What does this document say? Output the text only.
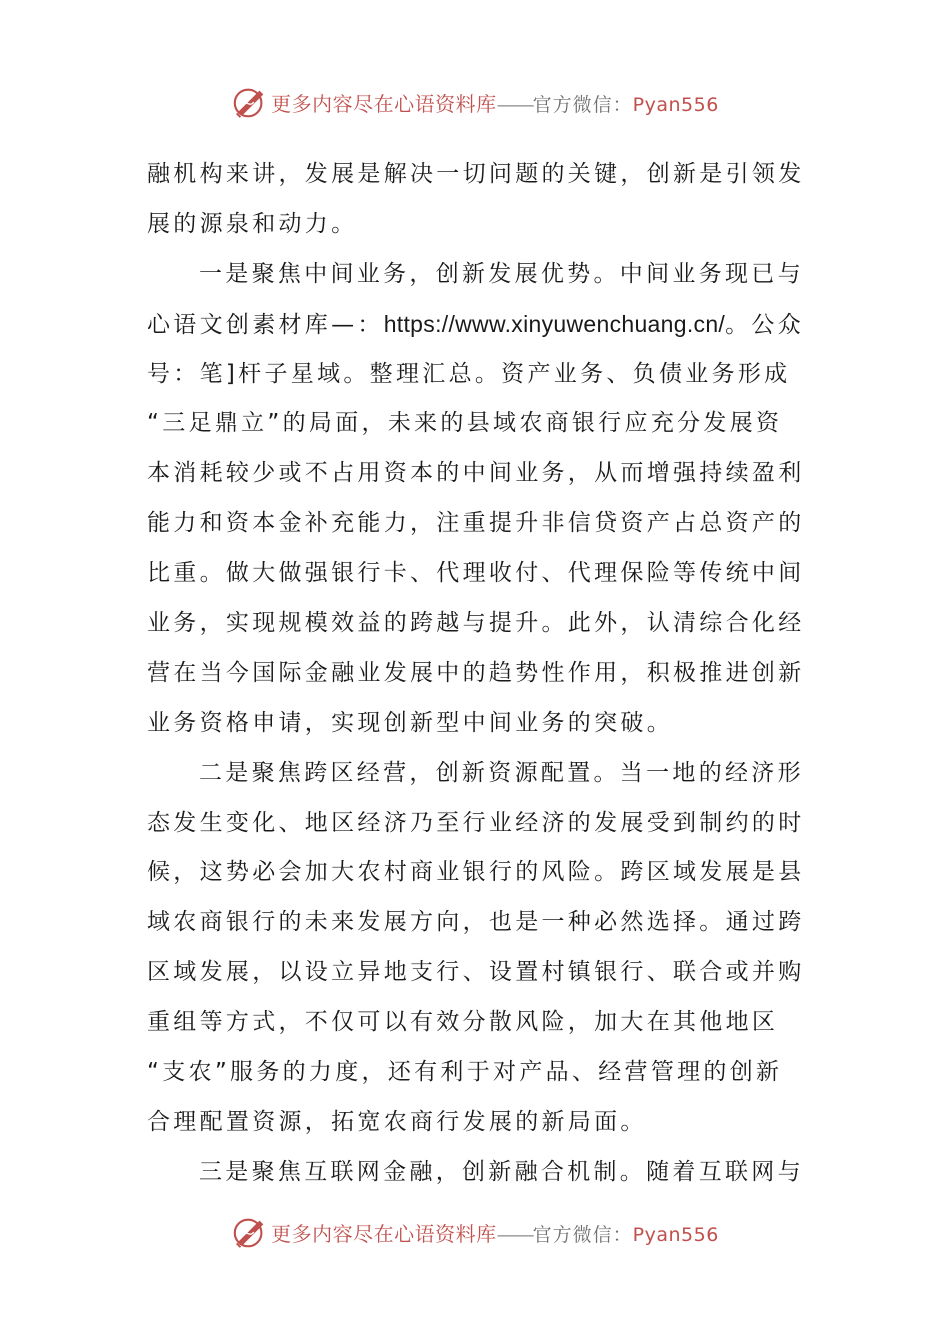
更多内容尽在心语资料库——官方微信：Pyan556
融机构来讲，发展是解决一切问题的关键，创新是引领发
展的源泉和动力。
一是聚焦中间业务，创新发展优势。中间业务现已与
心语文创素材库—：https://www.xinyuwenchuang.cn/。公众
号：笔]杆子星域。整理汇总。资产业务、负债业务形成
“三足鼎立”的局面，未来的县域农商银行应充分发展资
本消耗较少或不占用资本的中间业务，从而增强持续盈利
能力和资本金补充能力，注重提升非信贷资产占总资产的
比重。做大做强银行卡、代理收付、代理保险等传统中间
业务，实现规模效益的跨越与提升。此外，认清综合化经
营在当今国际金融业发展中的趋势性作用，积极推进创新
业务资格申请，实现创新型中间业务的突破。
二是聚焦跨区经营，创新资源配置。当一地的经济形
态发生变化、地区经济乃至行业经济的发展受到制约的时
候，这势必会加大农村商业银行的风险。跨区域发展是县
域农商银行的未来发展方向，也是一种必然选择。通过跨
区域发展，以设立异地支行、设置村镇银行、联合或并购
重组等方式，不仅可以有效分散风险，加大在其他地区
“支农”服务的力度，还有利于对产品、经营管理的创新
合理配置资源，拓宽农商行发展的新局面。
三是聚焦互联网金融，创新融合机制。随着互联网与
更多内容尽在心语资料库——官方微信：Pyan556
